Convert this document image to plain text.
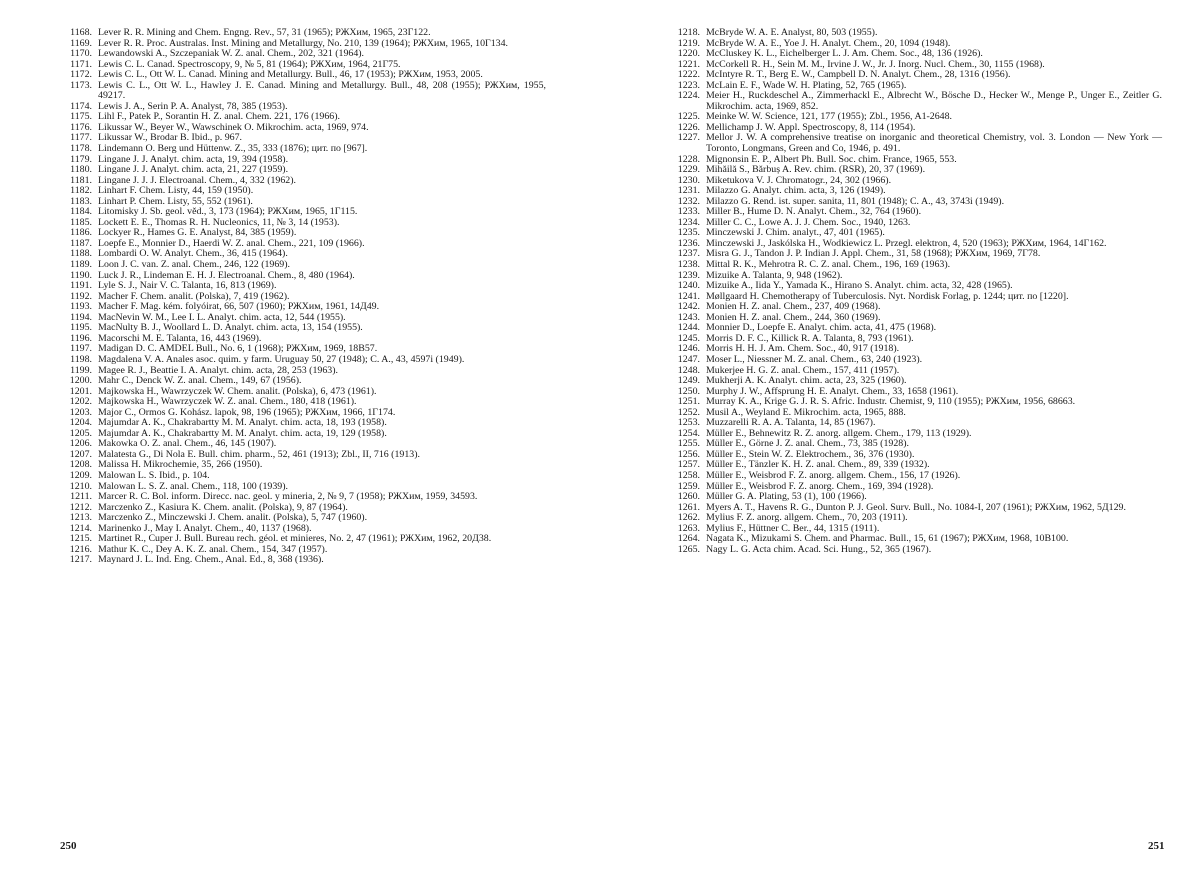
1168. Lever R. R. Mining and Chem. Engng. Rev., 57, 31 (1965); РЖХим, 1965, 23Г122.
1169. Lever R. R. Proc. Australas. Inst. Mining and Metallurgy, No. 210, 139 (1964); РЖХим, 1965, 10Г134.
1170. Lewandowski A., Szczepaniak W. Z. anal. Chem., 202, 321 (1964).
1171. Lewis C. L. Canad. Spectroscopy, 9, № 5, 81 (1964); РЖХим, 1964, 21Г75.
1172. Lewis C. L., Ott W. L. Canad. Mining and Metallurgy. Bull., 46, 17 (1953); РЖХим, 1953, 2005.
1173. Lewis C. L., Ott W. L., Hawley J. E. Canad. Mining and Metallurgy. Bull., 48, 208 (1955); РЖХим, 1955, 49217.
1174. Lewis J. A., Serin P. A. Analyst, 78, 385 (1953).
1175. Lihl F., Patek P., Sorantin H. Z. anal. Chem. 221, 176 (1966).
1176. Likussar W., Beyer W., Wawschinek O. Mikrochim. acta, 1969, 974.
1177. Likussar W., Brodar B. Ibid., p. 967.
1178. Lindemann O. Berg und Hüttenw. Z., 35, 333 (1876); цит. по [967].
1179. Lingane J. J. Analyt. chim. acta, 19, 394 (1958).
1180. Lingane J. J. Analyt. chim. acta, 21, 227 (1959).
1181. Lingane J. J. J. Electroanal. Chem., 4, 332 (1962).
1182. Linhart F. Chem. Listy, 44, 159 (1950).
1183. Linhart P. Chem. Listy, 55, 552 (1961).
1184. Litomisky J. Sb. geol. věd., 3, 173 (1964); РЖХим, 1965, 1Г115.
1185. Lockett E. E., Thomas R. H. Nucleonics, 11, № 3, 14 (1953).
1186. Lockyer R., Hames G. E. Analyst, 84, 385 (1959).
1187. Loepfe E., Monnier D., Haerdi W. Z. anal. Chem., 221, 109 (1966).
1188. Lombardi O. W. Analyt. Chem., 36, 415 (1964).
1189. Loon J. C. van. Z. anal. Chem., 246, 122 (1969).
1190. Luck J. R., Lindeman E. H. J. Electroanal. Chem., 8, 480 (1964).
1191. Lyle S. J., Nair V. C. Talanta, 16, 813 (1969).
1192. Macher F. Chem. analit. (Polska), 7, 419 (1962).
1193. Macher F. Mag. kém. folyóirat, 66, 507 (1960); РЖХим, 1961, 14Д49.
1194. MacNevin W. M., Lee I. L. Analyt. chim. acta, 12, 544 (1955).
1195. MacNulty B. J., Woollard L. D. Analyt. chim. acta, 13, 154 (1955).
1196. Macorschi M. E. Talanta, 16, 443 (1969).
1197. Madigan D. C. AMDEL Bull., No. 6, 1 (1968); РЖХим, 1969, 18В57.
1198. Magdalena V. A. Anales asoc. quim. y farm. Uruguay 50, 27 (1948); C. A., 43, 4597i (1949).
1199. Magee R. J., Beattie I. A. Analyt. chim. acta, 28, 253 (1963).
1200. Mahr C., Denck W. Z. anal. Chem., 149, 67 (1956).
1201. Majkowska H., Wawrzyczek W. Chem. analit. (Polska), 6, 473 (1961).
1202. Majkowska H., Wawrzyczek W. Z. anal. Chem., 180, 418 (1961).
1203. Major C., Ormos G. Kohász. lapok, 98, 196 (1965); РЖХим, 1966, 1Г174.
1204. Majumdar A. K., Chakrabartty M. M. Analyt. chim. acta, 18, 193 (1958).
1205. Majumdar A. K., Chakrabartty M. M. Analyt. chim. acta, 19, 129 (1958).
1206. Makowka O. Z. anal. Chem., 46, 145 (1907).
1207. Malatesta G., Di Nola E. Bull. chim. pharm., 52, 461 (1913); Zbl., II, 716 (1913).
1208. Malissa H. Mikrochemie, 35, 266 (1950).
1209. Malowan L. S. Ibid., p. 104.
1210. Malowan L. S. Z. anal. Chem., 118, 100 (1939).
1211. Marcer R. C. Bol. inform. Direcc. nac. geol. y mineria, 2, № 9, 7 (1958); РЖХим, 1959, 34593.
1212. Marczenko Z., Kasiura K. Chem. analit. (Polska), 9, 87 (1964).
1213. Marczenko Z., Minczewski J. Chem. analit. (Polska), 5, 747 (1960).
1214. Marinenko J., May I. Analyt. Chem., 40, 1137 (1968).
1215. Martinet R., Cuper J. Bull. Bureau rech. géol. et minieres, No. 2, 47 (1961); РЖХим, 1962, 20Д38.
1216. Mathur K. C., Dey A. K. Z. anal. Chem., 154, 347 (1957).
1217. Maynard J. L. Ind. Eng. Chem., Anal. Ed., 8, 368 (1936).
1218. McBryde W. A. E. Analyst, 80, 503 (1955).
1219. McBryde W. A. E., Yoe J. H. Analyt. Chem., 20, 1094 (1948).
1220. McCluskey K. L., Eichelberger L. J. Am. Chem. Soc., 48, 136 (1926).
1221. McCorkell R. H., Sein M. M., Irvine J. W., Jr. J. Inorg. Nucl. Chem., 30, 1155 (1968).
1222. McIntyre R. T., Berg E. W., Campbell D. N. Analyt. Chem., 28, 1316 (1956).
1223. McLain E. F., Wade W. H. Plating, 52, 765 (1965).
1224. Meier H., Ruckdeschel A., Zimmerhackl E., Albrecht W., Bösche D., Hecker W., Menge P., Unger E., Zeitler G. Mikrochim. acta, 1969, 852.
1225. Meinke W. W. Science, 121, 177 (1955); Zbl., 1956, A1-2648.
1226. Mellichamp J. W. Appl. Spectroscopy, 8, 114 (1954).
1227. Mellor J. W. A comprehensive treatise on inorganic and theoretical Chemistry, vol. 3. London — New York — Toronto, Longmans, Green and Co, 1946, p. 491.
1228. Mignonsin E. P., Albert Ph. Bull. Soc. chim. France, 1965, 553.
1229. Mihăilă S., Bărbuș A. Rev. chim. (RSR), 20, 37 (1969).
1230. Miketukova V. J. Chromatogr., 24, 302 (1966).
1231. Milazzo G. Analyt. chim. acta, 3, 126 (1949).
1232. Milazzo G. Rend. ist. super. sanita, 11, 801 (1948); C. A., 43, 3743i (1949).
1233. Miller B., Hume D. N. Analyt. Chem., 32, 764 (1960).
1234. Miller C. C., Lowe A. J. J. Chem. Soc., 1940, 1263.
1235. Minczewski J. Chim. analyt., 47, 401 (1965).
1236. Minczewski J., Jaskólska H., Wodkiewicz L. Przegl. elektron, 4, 520 (1963); РЖХим, 1964, 14Г162.
1237. Misra G. J., Tandon J. P. Indian J. Appl. Chem., 31, 58 (1968); РЖХим, 1969, 7Г78.
1238. Mittal R. K., Mehrotra R. C. Z. anal. Chem., 196, 169 (1963).
1239. Mizuike A. Talanta, 9, 948 (1962).
1240. Mizuike A., Iida Y., Yamada K., Hirano S. Analyt. chim. acta, 32, 428 (1965).
1241. Møllgaard H. Chemotherapy of Tuberculosis. Nyt. Nordisk Forlag, p. 1244; цит. по [1220].
1242. Monien H. Z. anal. Chem., 237, 409 (1968).
1243. Monien H. Z. anal. Chem., 244, 360 (1969).
1244. Monnier D., Loepfe E. Analyt. chim. acta, 41, 475 (1968).
1245. Morris D. F. C., Killick R. A. Talanta, 8, 793 (1961).
1246. Morris H. H. J. Am. Chem. Soc., 40, 917 (1918).
1247. Moser L., Niessner M. Z. anal. Chem., 63, 240 (1923).
1248. Mukerjee H. G. Z. anal. Chem., 157, 411 (1957).
1249. Mukherji A. K. Analyt. chim. acta, 23, 325 (1960).
1250. Murphy J. W., Affsprung H. E. Analyt. Chem., 33, 1658 (1961).
1251. Murray K. A., Krige G. J. R. S. Afric. Industr. Chemist, 9, 110 (1955); РЖХим, 1956, 68663.
1252. Musil A., Weyland E. Mikrochim. acta, 1965, 888.
1253. Muzzarelli R. A. A. Talanta, 14, 85 (1967).
1254. Müller E., Behnewitz R. Z. anorg. allgem. Chem., 179, 113 (1929).
1255. Müller E., Görne J. Z. anal. Chem., 73, 385 (1928).
1256. Müller E., Stein W. Z. Elektrochem., 36, 376 (1930).
1257. Müller E., Tänzler K. H. Z. anal. Chem., 89, 339 (1932).
1258. Müller E., Weisbrod F. Z. anorg. allgem. Chem., 156, 17 (1926).
1259. Müller E., Weisbrod F. Z. anorg. Chem., 169, 394 (1928).
1260. Müller G. A. Plating, 53 (1), 100 (1966).
1261. Myers A. T., Havens R. G., Dunton P. J. Geol. Surv. Bull., No. 1084-I, 207 (1961); РЖХим, 1962, 5Д129.
1262. Mylius F. Z. anorg. allgem. Chem., 70, 203 (1911).
1263. Mylius F., Hüttner C. Ber., 44, 1315 (1911).
1264. Nagata K., Mizukami S. Chem. and Pharmac. Bull., 15, 61 (1967); РЖХим, 1968, 10В100.
1265. Nagy L. G. Acta chim. Acad. Sci. Hung., 52, 365 (1967).
250	251
